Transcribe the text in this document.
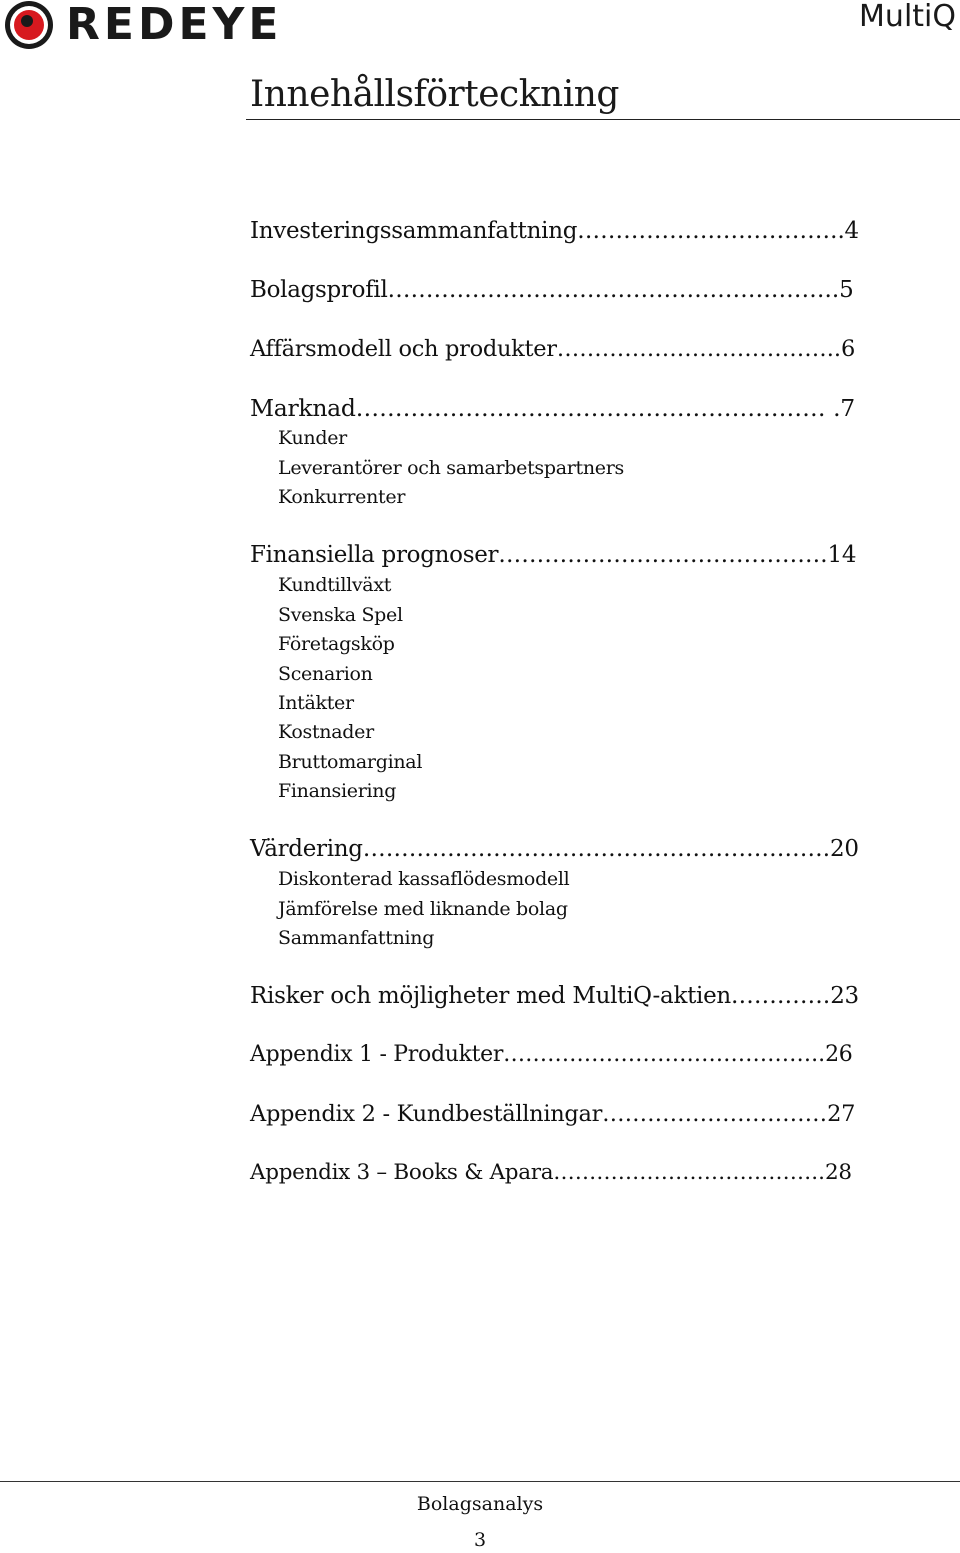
REDEYE	MultiQ
Innehållsförteckning
Investeringssammanfattning……………………………..4
Bolagsprofil…………………………………………………..5
Affärsmodell och produkter………………………………..6
Marknad…………………………………………………… .7
Kunder
Leverantörer och samarbetspartners
Konkurrenter
Finansiella prognoser…………………………………….14
Kundtillväxt
Svenska Spel
Företagsköp
Scenarion
Intäkter
Kostnader
Bruttomarginal
Finansiering
Värdering…………………………………………………….20
Diskonterad kassaflödesmodell
Jämförelse med liknande bolag
Sammanfattning
Risker och möjligheter med MultiQ-aktien………….23
Appendix 1 - Produkter……………………………………..26
Appendix 2 - Kundbeställningar…………………………27
Appendix 3 – Books & Apara………………………………..28
Bolagsanalys
3
